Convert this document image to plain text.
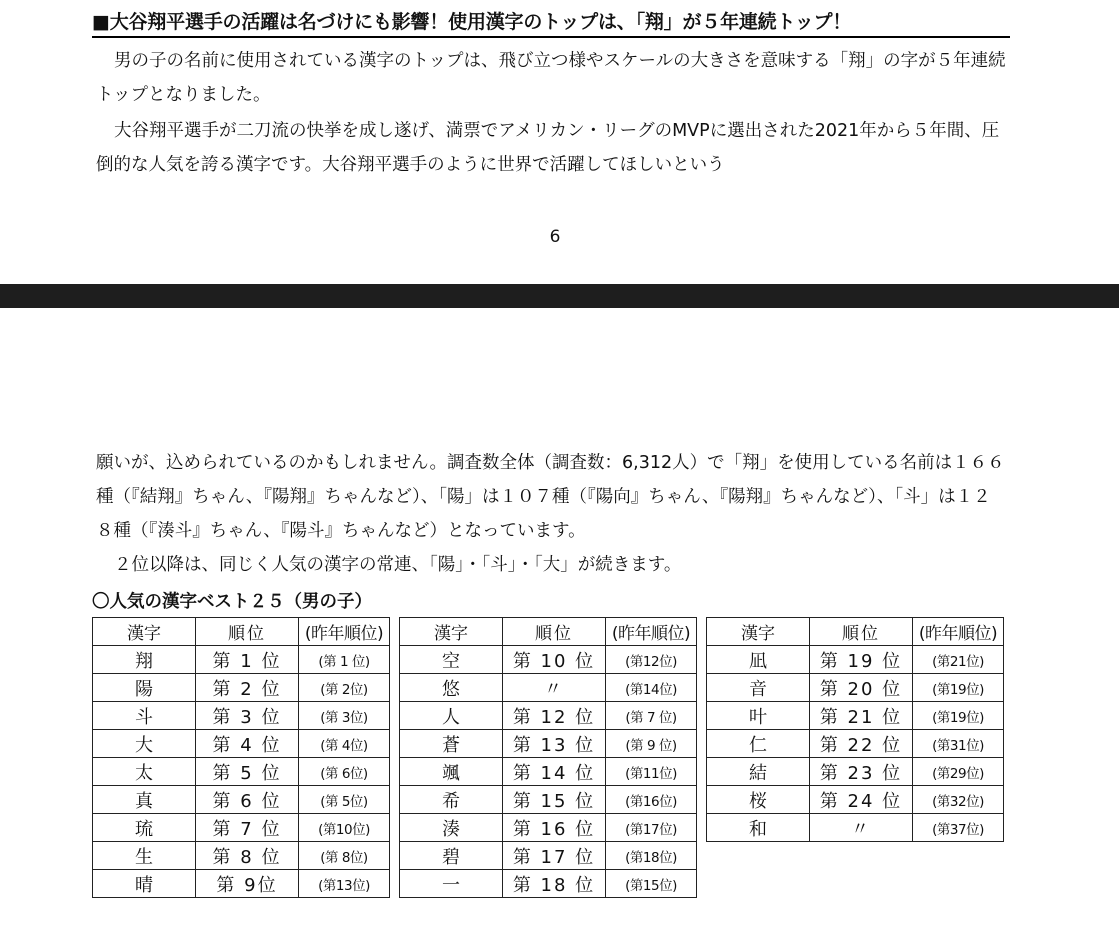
■大谷翔平選手の活躍は名づけにも影響！使用漢字のトップは、「翔」が５年連続トップ！

男の子の名前に使用されている漢字のトップは、飛び立つ様やスケールの大きさを意味する「翔」の字が５年連続トップとなりました。

大谷翔平選手が二刀流の快挙を成し遂げ、満票でアメリカン・リーグのMVPに選出された2021年から５年間、圧倒的な人気を誇る漢字です。大谷翔平選手のように世界で活躍してほしいという

6

願いが、込められているのかもしれません。調査数全体（調査数：6,312人）で「翔」を使用している名前は１６６種（『結翔』ちゃん、『陽翔』ちゃんなど）、「陽」は１０７種（『陽向』ちゃん、『陽翔』ちゃんなど）、「斗」は１２８種（『湊斗』ちゃん、『陽斗』ちゃんなど）となっています。

２位以降は、同じく人気の漢字の常連、「陽」・「斗」・「大」が続きます。

〇人気の漢字ベスト２５（男の子）
漢字	順位	(昨年順位)
翔	第 1 位	(第 1 位)
陽	第 2 位	(第 2位)
斗	第 3 位	(第 3位)
大	第 4 位	(第 4位)
太	第 5 位	(第 6位)
真	第 6 位	(第 5位)
琉	第 7 位	(第10位)
生	第 8 位	(第 8位)
晴	第 9位	(第13位)
漢字	順位	(昨年順位)
空	第 10 位	(第12位)
悠	〃	(第14位)
人	第 12 位	(第 7 位)
蒼	第 13 位	(第 9 位)
颯	第 14 位	(第11位)
希	第 15 位	(第16位)
湊	第 16 位	(第17位)
碧	第 17 位	(第18位)
一	第 18 位	(第15位)
漢字	順位	(昨年順位)
凪	第 19 位	(第21位)
音	第 20 位	(第19位)
叶	第 21 位	(第19位)
仁	第 22 位	(第31位)
結	第 23 位	(第29位)
桜	第 24 位	(第32位)
和	〃	(第37位)
